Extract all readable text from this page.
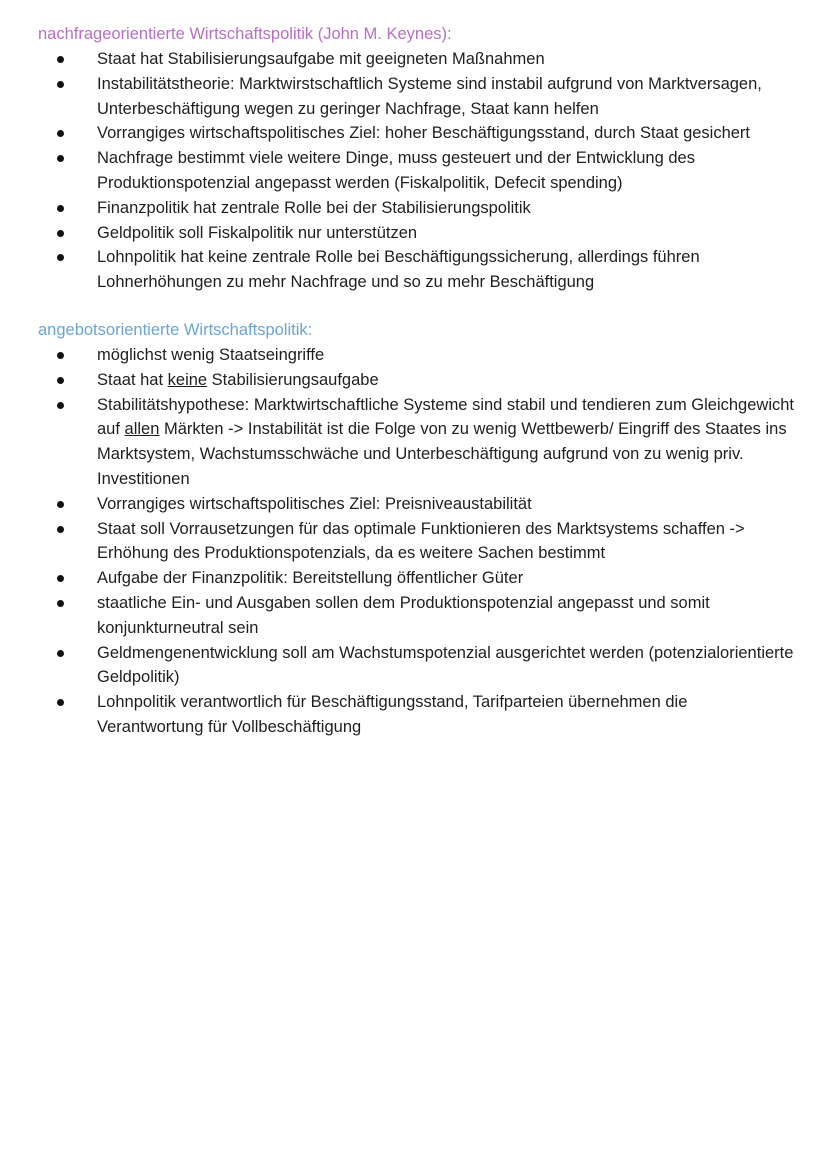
nachfrageorientierte Wirtschaftspolitik (John M. Keynes):
Staat hat Stabilisierungsaufgabe mit geeigneten Maßnahmen
Instabilitätstheorie: Marktwirstschaftlich Systeme sind instabil aufgrund von Marktversagen, Unterbeschäftigung wegen zu geringer Nachfrage, Staat kann helfen
Vorrangiges wirtschaftspolitisches Ziel: hoher Beschäftigungsstand, durch Staat gesichert
Nachfrage bestimmt viele weitere Dinge, muss gesteuert und der Entwicklung des Produktionspotenzial angepasst werden (Fiskalpolitik, Defecit spending)
Finanzpolitik hat zentrale Rolle bei der Stabilisierungspolitik
Geldpolitik soll Fiskalpolitik nur unterstützen
Lohnpolitik hat keine zentrale Rolle bei Beschäftigungssicherung, allerdings führen Lohnerhöhungen zu mehr Nachfrage und so zu mehr Beschäftigung
angebotsorientierte Wirtschaftspolitik:
möglichst wenig Staatseingriffe
Staat hat keine Stabilisierungsaufgabe
Stabilitätshypothese: Marktwirtschaftliche Systeme sind stabil und tendieren zum Gleichgewicht auf allen Märkten -> Instabilität ist die Folge von zu wenig Wettbewerb/ Eingriff des Staates ins Marktsystem, Wachstumsschwäche und Unterbeschäftigung aufgrund von zu wenig priv. Investitionen
Vorrangiges wirtschaftspolitisches Ziel: Preisniveaustabilität
Staat soll Vorrausetzungen für das optimale Funktionieren des Marktsystems schaffen -> Erhöhung des Produktionspotenzials, da es weitere Sachen bestimmt
Aufgabe der Finanzpolitik: Bereitstellung öffentlicher Güter
staatliche Ein- und Ausgaben sollen dem Produktionspotenzial angepasst und somit konjunkturneutral sein
Geldmengenentwicklung soll am Wachstumspotenzial ausgerichtet werden (potenzialorientierte Geldpolitik)
Lohnpolitik verantwortlich für Beschäftigungsstand, Tarifparteien übernehmen die Verantwortung für Vollbeschäftigung
